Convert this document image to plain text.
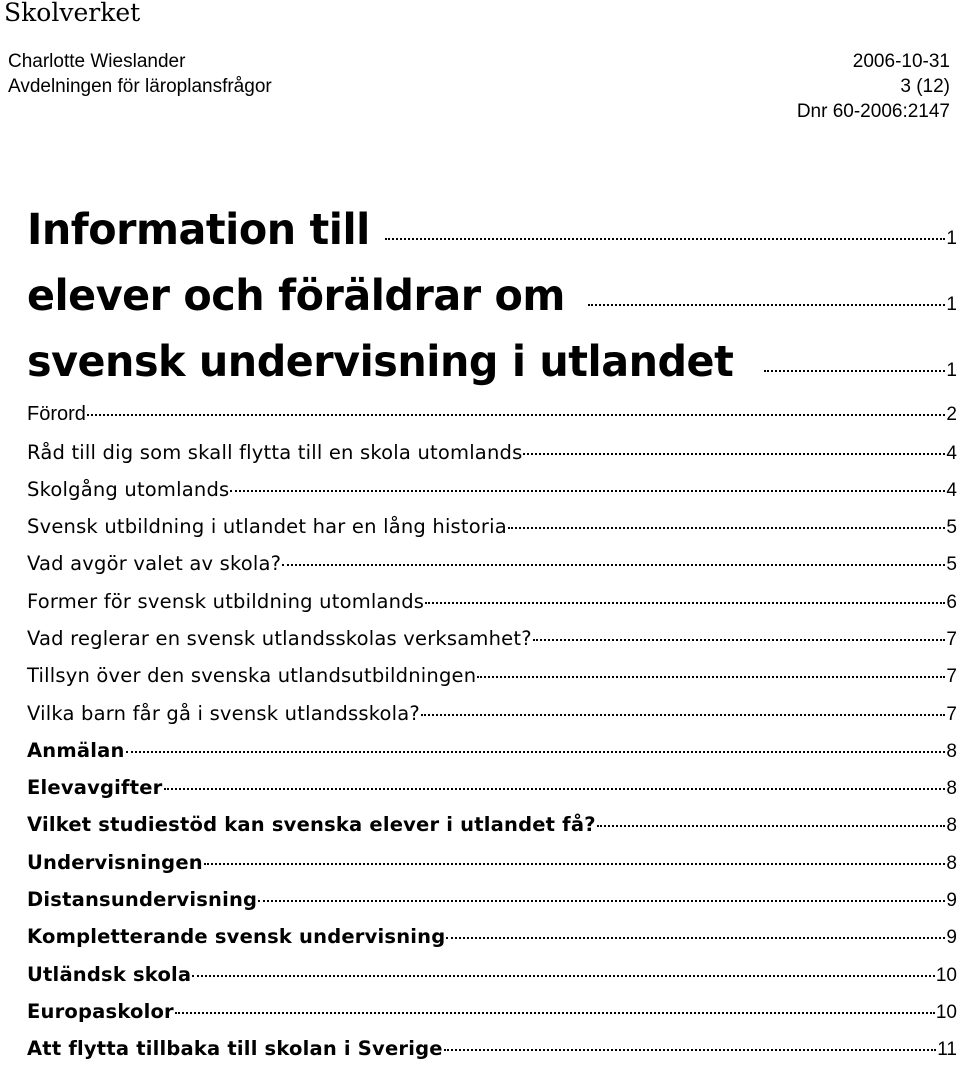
Skolverket
Charlotte Wieslander
Avdelningen för läroplansfrågor
2006-10-31
3 (12)
Dnr 60-2006:2147
Information till	1
elever och föräldrar om	1
svensk undervisning i utlandet	1
Förord	2
Råd till dig som skall flytta till en skola utomlands	4
Skolgång utomlands	4
Svensk utbildning i utlandet har en lång historia	5
Vad avgör valet av skola?	5
Former för svensk utbildning utomlands	6
Vad reglerar en svensk utlandsskolas verksamhet?	7
Tillsyn över den svenska utlandsutbildningen	7
Vilka barn får gå i svensk utlandsskola?	7
Anmälan	8
Elevavgifter	8
Vilket studiestöd kan svenska elever i utlandet få?	8
Undervisningen	8
Distansundervisning	9
Kompletterande svensk undervisning	9
Utländsk skola	10
Europaskolor	10
Att flytta tillbaka till skolan i Sverige	11
